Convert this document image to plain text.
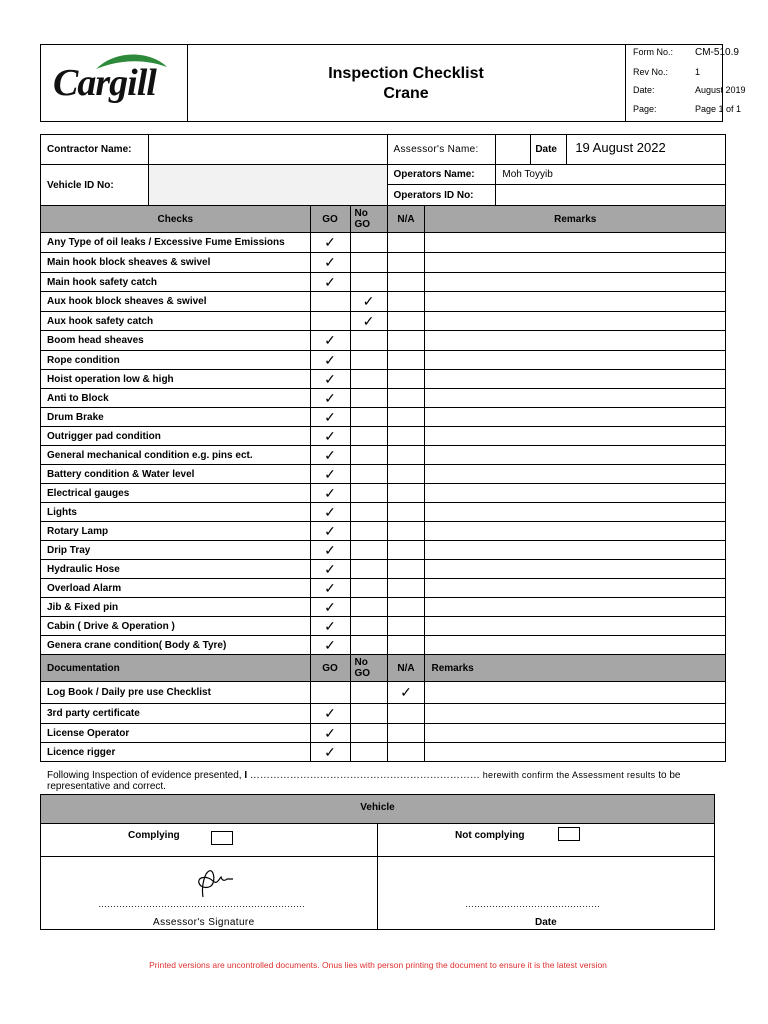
Cargill	Inspection Checklist
Crane
Form No.: CM-510.9
Rev No.:	1
Date:	August 2019
Page:	Page 1 of 1
Contractor Name:				Assessor's Name:			Date 19 August 2022
Vehicle ID No:				Operators Name:		Moh Toyyib	
				Operators ID No:			
Checks		GO	No GO	N/A	Remarks		
Any Type of oil leaks / Excessive Fume Emissions		✓					
Main hook block sheaves & swivel		✓					
Main hook safety catch		✓					
Aux hook block sheaves & swivel			✓				
Aux hook safety catch			✓				
Boom head sheaves		✓					
Rope condition		✓					
Hoist operation low & high		✓					
Anti to Block		✓					
Drum Brake		✓					
Outrigger pad condition		✓					
General mechanical condition e.g. pins ect.		✓					
Battery condition & Water level		✓					
Electrical gauges		✓					
Lights		✓					
Rotary Lamp		✓					
Drip Tray		✓					
Hydraulic Hose		✓					
Overload Alarm		✓					
Jib & Fixed pin		✓					
Cabin ( Drive & Operation )		✓					
Genera crane condition( Body & Tyre)		✓					
Documentation		GO	No GO	N/A	Remarks		
Log Book / Daily pre use Checklist				✓			
3rd party certificate		✓					
License Operator		✓					
Licence rigger		✓					
Following Inspection of evidence presented, I …………………………………………………………… herewith confirm the Assessment results to be representative and correct.
Vehicle
Complying	Not complying
……………………………………………………………
Assessor's Signature
………………………………………
Date
Printed versions are uncontrolled documents. Onus lies with person printing the document to ensure it is the latest version
